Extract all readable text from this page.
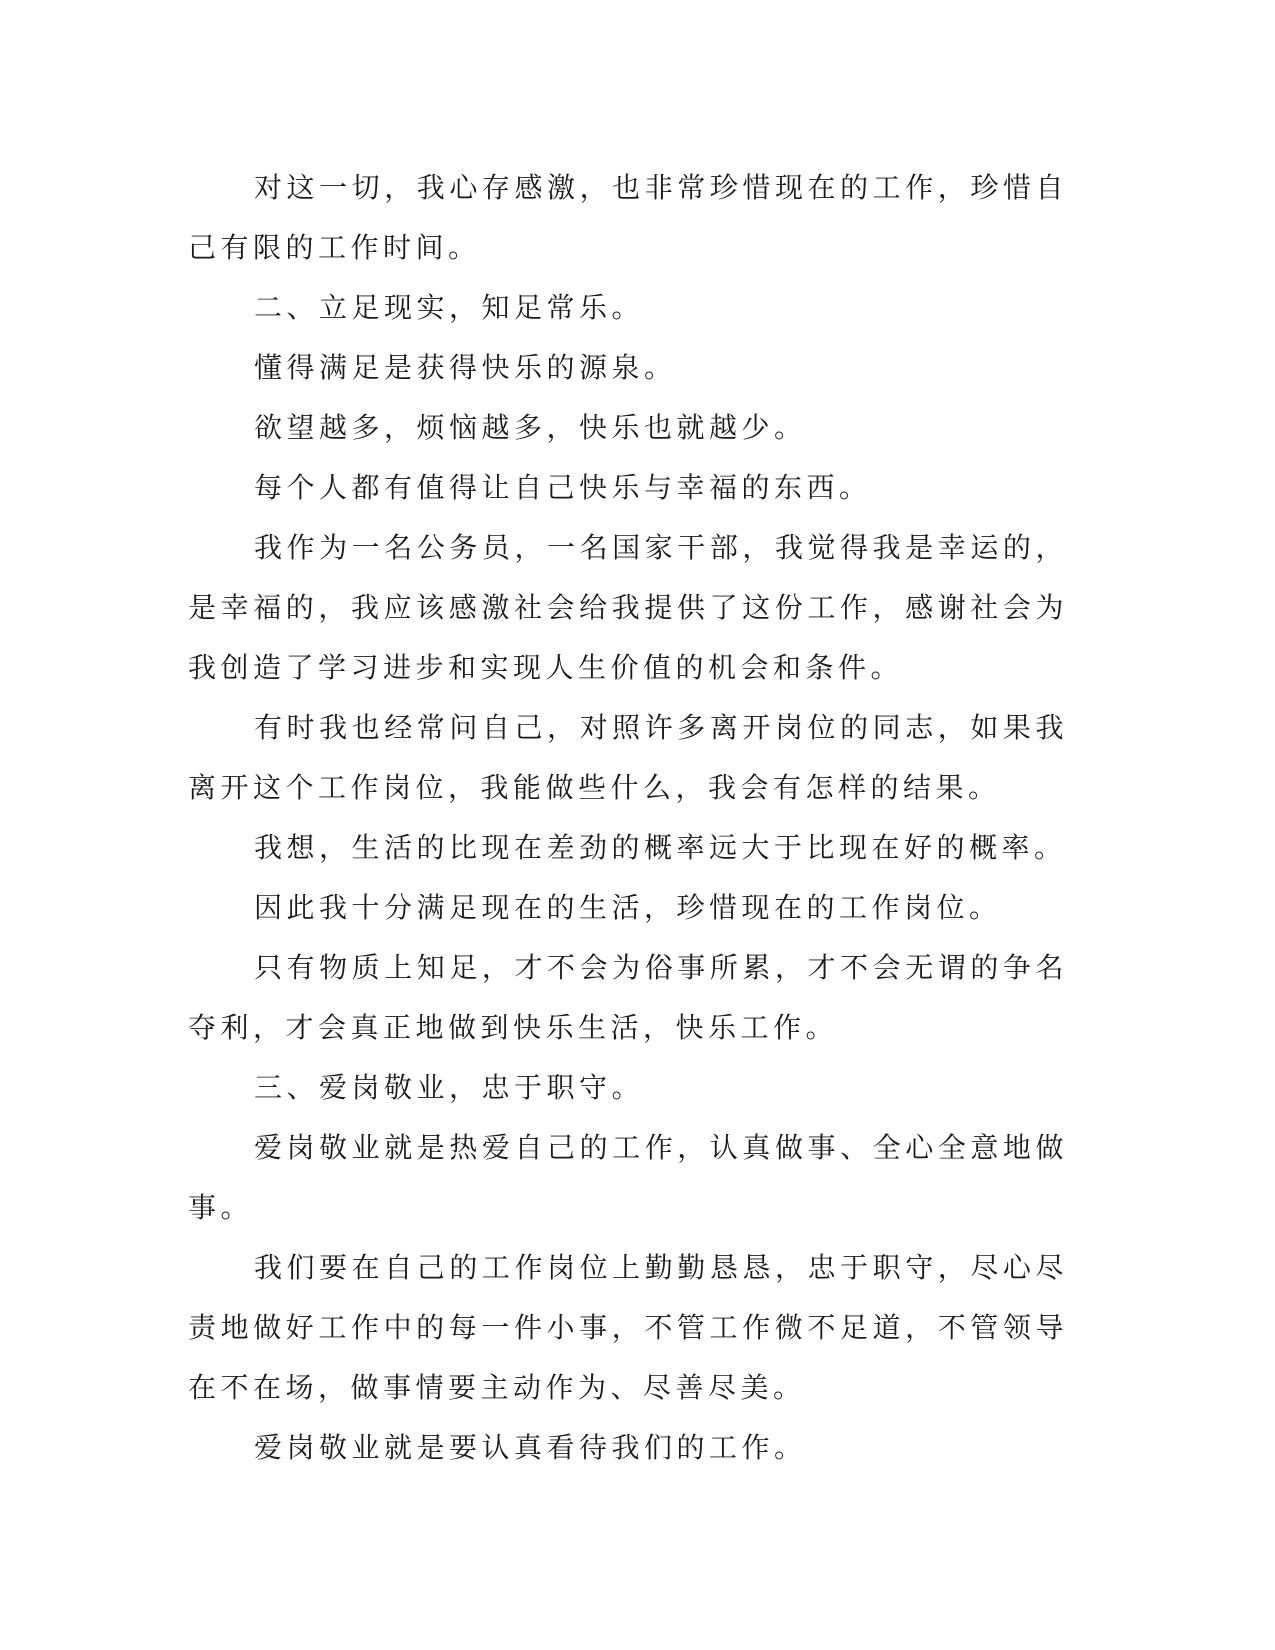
对这一切，我心存感激，也非常珍惜现在的工作，珍惜自己有限的工作时间。

二、立足现实，知足常乐。

懂得满足是获得快乐的源泉。

欲望越多，烦恼越多，快乐也就越少。

每个人都有值得让自己快乐与幸福的东西。

我作为一名公务员，一名国家干部，我觉得我是幸运的，是幸福的，我应该感激社会给我提供了这份工作，感谢社会为我创造了学习进步和实现人生价值的机会和条件。

有时我也经常问自己，对照许多离开岗位的同志，如果我离开这个工作岗位，我能做些什么，我会有怎样的结果。

我想，生活的比现在差劲的概率远大于比现在好的概率。

因此我十分满足现在的生活，珍惜现在的工作岗位。

只有物质上知足，才不会为俗事所累，才不会无谓的争名夺利，才会真正地做到快乐生活，快乐工作。

三、爱岗敬业，忠于职守。

爱岗敬业就是热爱自己的工作，认真做事、全心全意地做事。

我们要在自己的工作岗位上勤勤恳恳，忠于职守，尽心尽责地做好工作中的每一件小事，不管工作微不足道，不管领导在不在场，做事情要主动作为、尽善尽美。

爱岗敬业就是要认真看待我们的工作。
